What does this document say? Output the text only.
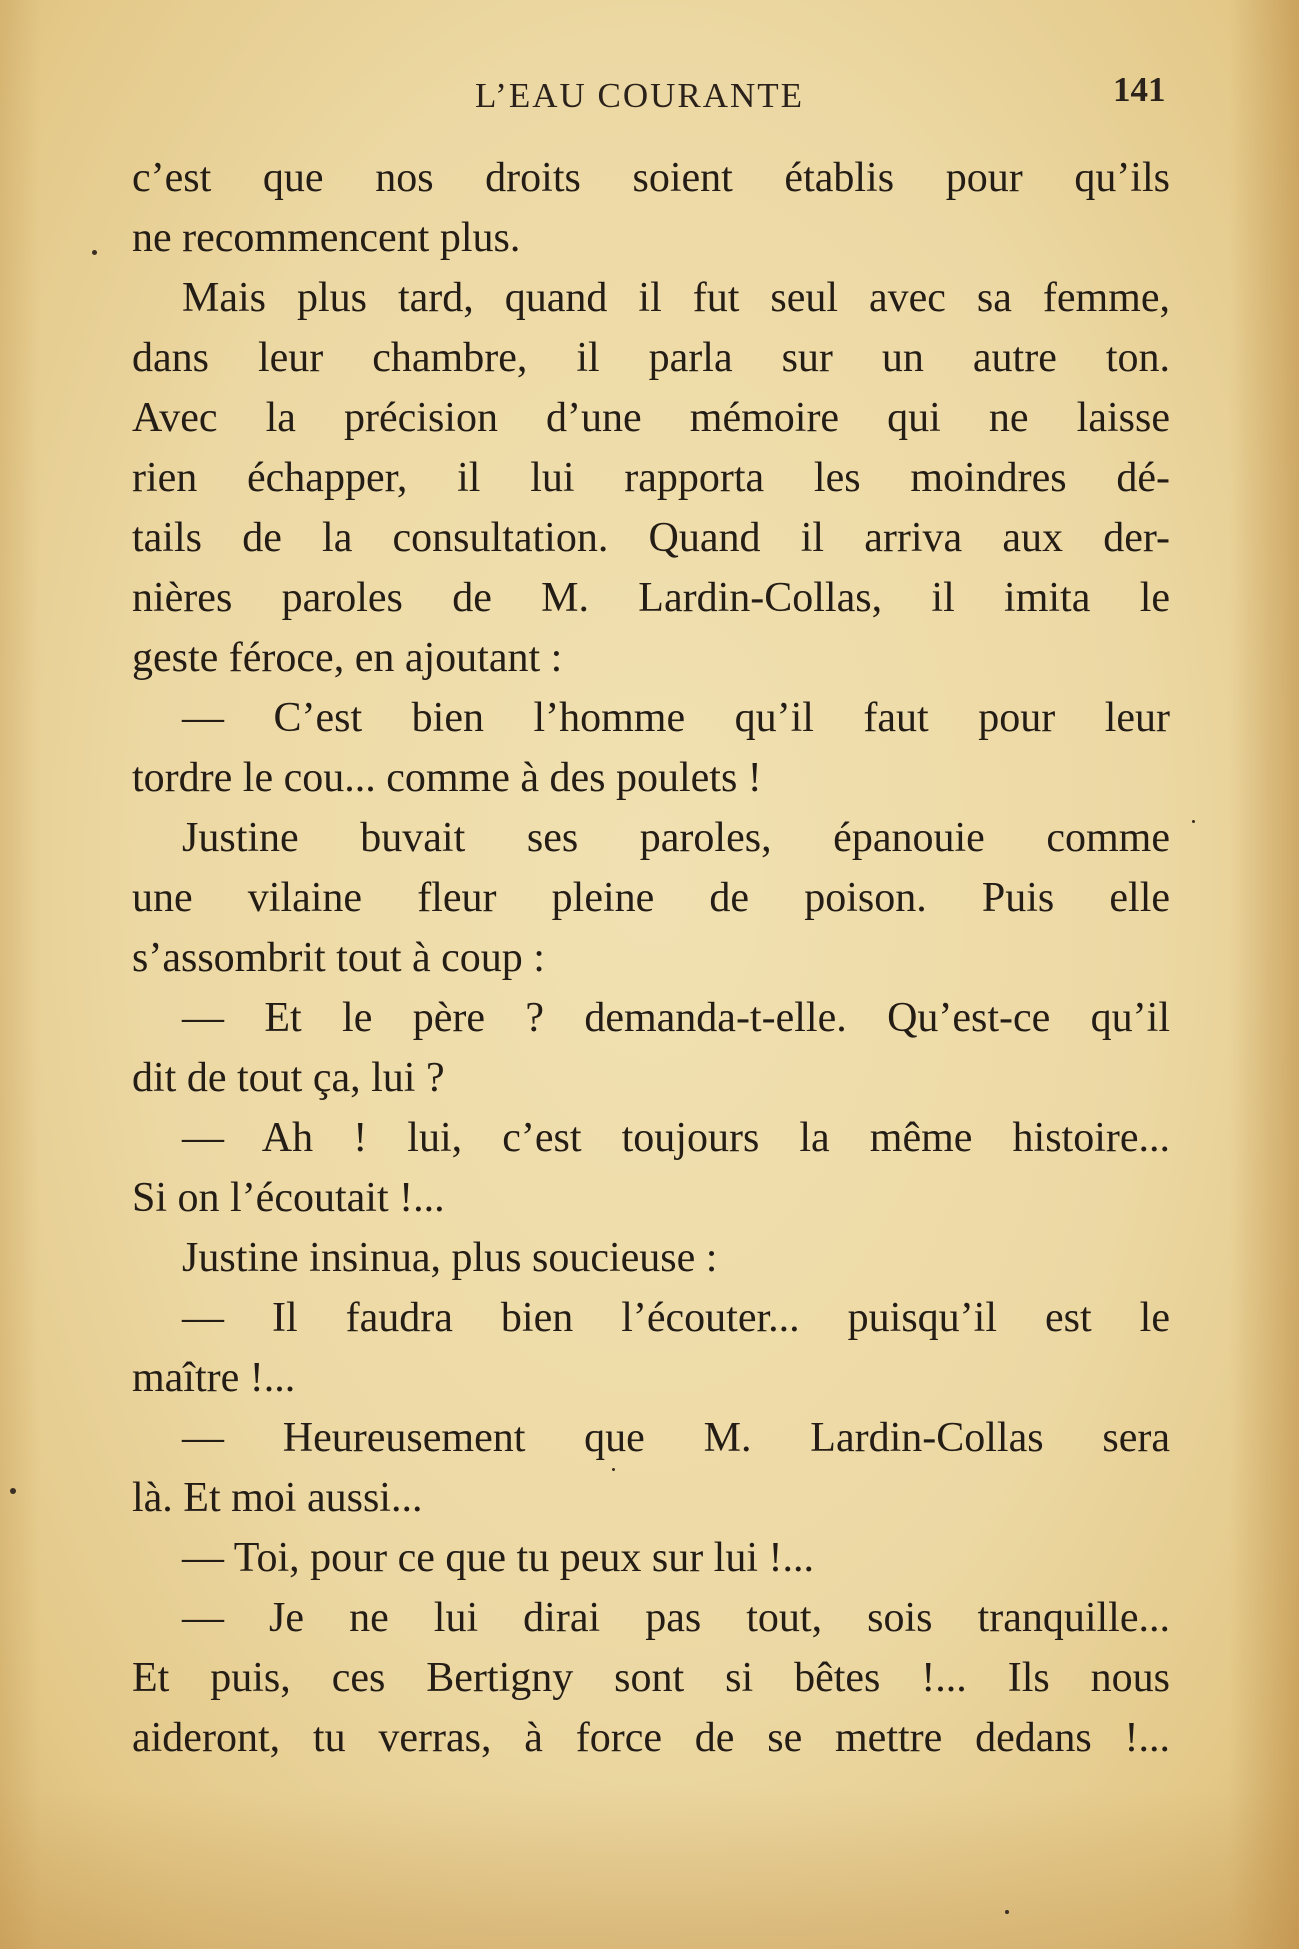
L’EAU COURANTE	141
c’est que nos droits soient établis pour qu’ils
ne recommencent plus.
Mais plus tard, quand il fut seul avec sa femme,
dans leur chambre, il parla sur un autre ton.
Avec la précision d’une mémoire qui ne laisse
rien échapper, il lui rapporta les moindres dé-
tails de la consultation. Quand il arriva aux der-
nières paroles de M. Lardin-Collas, il imita le
geste féroce, en ajoutant :
— C’est bien l’homme qu’il faut pour leur
tordre le cou... comme à des poulets !
Justine buvait ses paroles, épanouie comme
une vilaine fleur pleine de poison. Puis elle
s’assombrit tout à coup :
— Et le père ? demanda-t-elle. Qu’est-ce qu’il
dit de tout ça, lui ?
— Ah ! lui, c’est toujours la même histoire...
Si on l’écoutait !...
Justine insinua, plus soucieuse :
— Il faudra bien l’écouter... puisqu’il est le
maître !...
— Heureusement que M. Lardin-Collas sera
là. Et moi aussi...
— Toi, pour ce que tu peux sur lui !...
— Je ne lui dirai pas tout, sois tranquille...
Et puis, ces Bertigny sont si bêtes !... Ils nous
aideront, tu verras, à force de se mettre dedans !...
